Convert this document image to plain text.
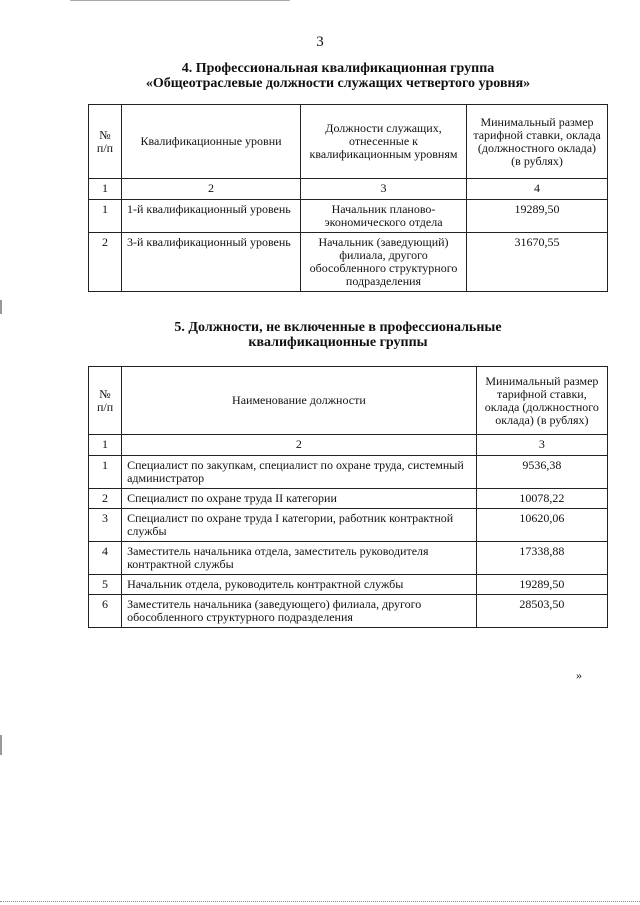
3
4. Профессиональная квалификационная группа
«Общеотраслевые должности служащих четвертого уровня»
№ п/п	Квалификационные уровни	Должности служащих, отнесенные к квалификационным уровням	Минимальный размер тарифной ставки, оклада (должностного оклада) (в рублях)
1	2	3	4
1	1-й квалификационный уровень	Начальник планово-экономического отдела	19289,50
2	3-й квалификационный уровень	Начальник (заведующий) филиала, другого обособленного структурного подразделения	31670,55
5. Должности, не включенные в профессиональные
квалификационные группы
№ п/п	Наименование должности	Минимальный размер тарифной ставки, оклада (должностного оклада) (в рублях)
1	2	3
1	Специалист по закупкам, специалист по охране труда, системный администратор	9536,38
2	Специалист по охране труда II категории	10078,22
3	Специалист по охране труда I категории, работник контрактной службы	10620,06
4	Заместитель начальника отдела, заместитель руководителя контрактной службы	17338,88
5	Начальник отдела, руководитель контрактной службы	19289,50
6	Заместитель начальника (заведующего) филиала, другого обособленного структурного подразделения	28503,50
»
